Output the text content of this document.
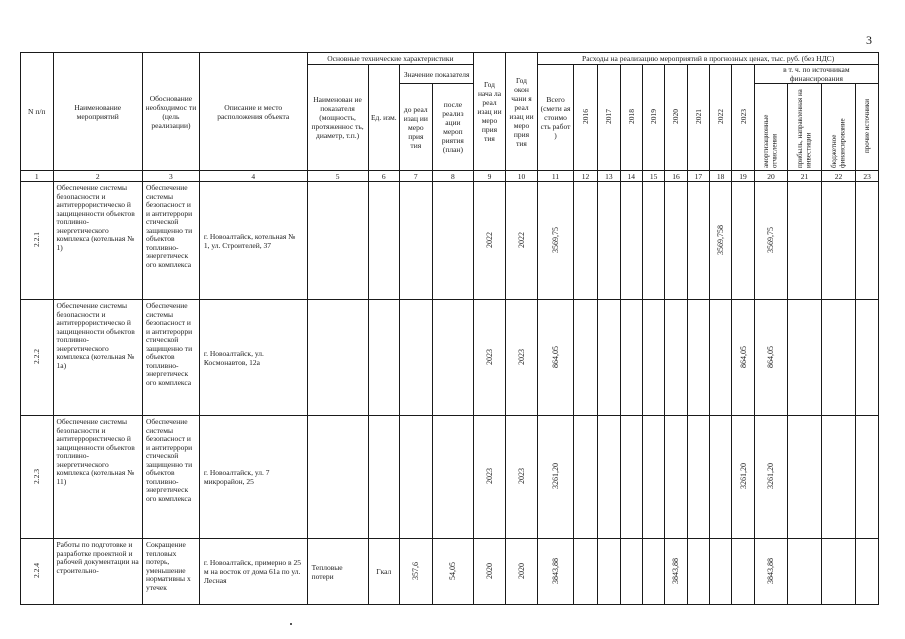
3
N п/п	Наименование мероприятий	Обоснование необходимос ти (цель реализации)	Описание и место расположения объекта	Основные технические характеристики				Год нача ла реал изац ии меро прия тия	Год окон чани я реал изац ии меро прия тия	Расходы на реализацию мероприятий в прогнозных ценах, тыс. руб. (без НДС)												

				Наименован ие показателя (мощность, протяженнос ть, диаметр, т.п.)	Ед. изм.	Значение показателя				Всего (смети ая стоимо сть работ )	2016	2017	2018	2019	2020	2021	2022	2023	в т. ч. по источникам финансирования			

						до реал изац ии меро прия тия	после реализ ации мероп риятия (план)												амортизационные отчисления	прибыль, направленная на инвестиции	бюджетное финансирование	прочие источники
1	2	3	4	5	6	7	8	9	10	11	12	13	14	15	16	17	18	19	20	21	22	23
2.2.1	Обеспечение системы безопасности и антитеррористическо й защищенности объектов топливно-энергетического комплекса (котельная № 1)	Обеспечение системы безопасност и и антитеррори стической защищенно ти объектов топливно-энергетическ ого комплекса	г. Новоалтайск, котельная № 1, ул. Строителей, 37					2022	2022	3569,75							3569,758		3569,75			
2.2.2	Обеспечение системы безопасности и антитеррористическо й защищенности объектов топливно-энергетического комплекса (котельная № 1а)	Обеспечение системы безопасност и и антитерорри стической защищенно ти объектов топливно-энергетическ ого комплекса	г. Новоалтайск, ул. Космонавтов, 12а					2023	2023	864,05								864,05	864,05			
2.2.3	Обеспечение системы безопасности и антитеррористическо й защищенности объектов топливно-энергетического комплекса (котельная № 11)	Обеспечение системы безопасност и и антитеррори стической защищенно ти объектов топливно-энергетическ ого комплекса	г. Новоалтайск, ул. 7 микрорайон, 25					2023	2023	3261,20								3261,20	3261,20			
2.2.4	Работы по подготовке и разработке проектной и рабочей документации на строительно-	Сокращение тепловых потерь, уменьшение нормативны х утечек	г. Новоалтайск, примерно в 25 м на восток от дома 61а по ул. Лесная	Тепловые потери	Гкал	357,6	54,05	2020	2020	3843,88					3843,88				3843,88			
